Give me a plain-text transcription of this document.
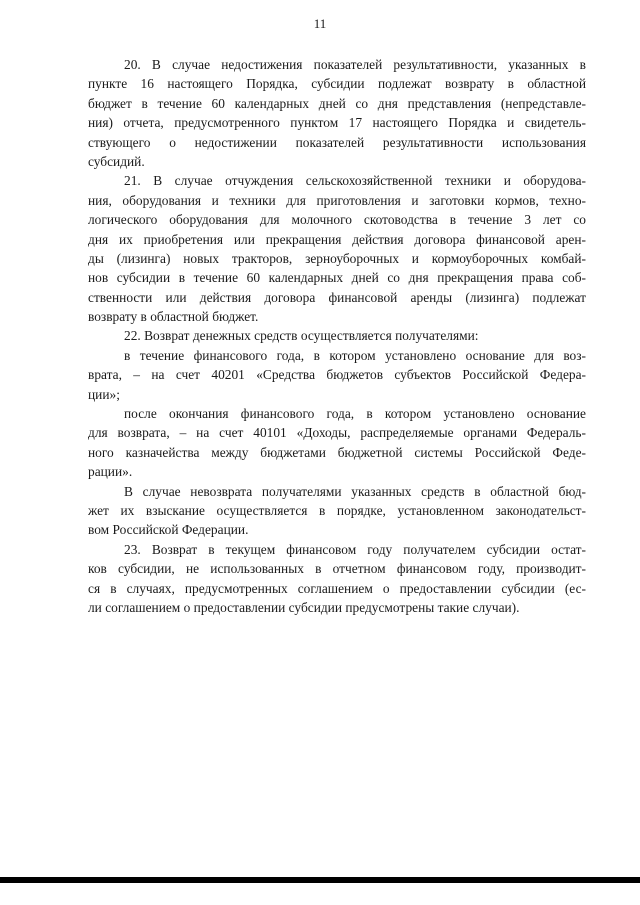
11
20. В случае недостижения показателей результативности, указанных в
пункте 16 настоящего Порядка, субсидии подлежат возврату в областной
бюджет в течение 60 календарных дней со дня представления (непредставле-
ния) отчета, предусмотренного пунктом 17 настоящего Порядка и свидетель-
ствующего о недостижении показателей результативности использования
субсидий.
21. В случае отчуждения сельскохозяйственной техники и оборудова-
ния, оборудования и техники для приготовления и заготовки кормов, техно-
логического оборудования для молочного скотоводства в течение 3 лет со
дня их приобретения или прекращения действия договора финансовой арен-
ды (лизинга) новых тракторов, зерноуборочных и кормоуборочных комбай-
нов субсидии в течение 60 календарных дней со дня прекращения права соб-
ственности или действия договора финансовой аренды (лизинга) подлежат
возврату в областной бюджет.
22. Возврат денежных средств осуществляется получателями:
в течение финансового года, в котором установлено основание для воз-
врата, – на счет 40201 «Средства бюджетов субъектов Российской Федера-
ции»;
после окончания финансового года, в котором установлено основание
для возврата, – на счет 40101 «Доходы, распределяемые органами Федераль-
ного казначейства между бюджетами бюджетной системы Российской Феде-
рации».
В случае невозврата получателями указанных средств в областной бюд-
жет их взыскание осуществляется в порядке, установленном законодательст-
вом Российской Федерации.
23. Возврат в текущем финансовом году получателем субсидии остат-
ков субсидии, не использованных в отчетном финансовом году, производит-
ся в случаях, предусмотренных соглашением о предоставлении субсидии (ес-
ли соглашением о предоставлении субсидии предусмотрены такие случаи).
